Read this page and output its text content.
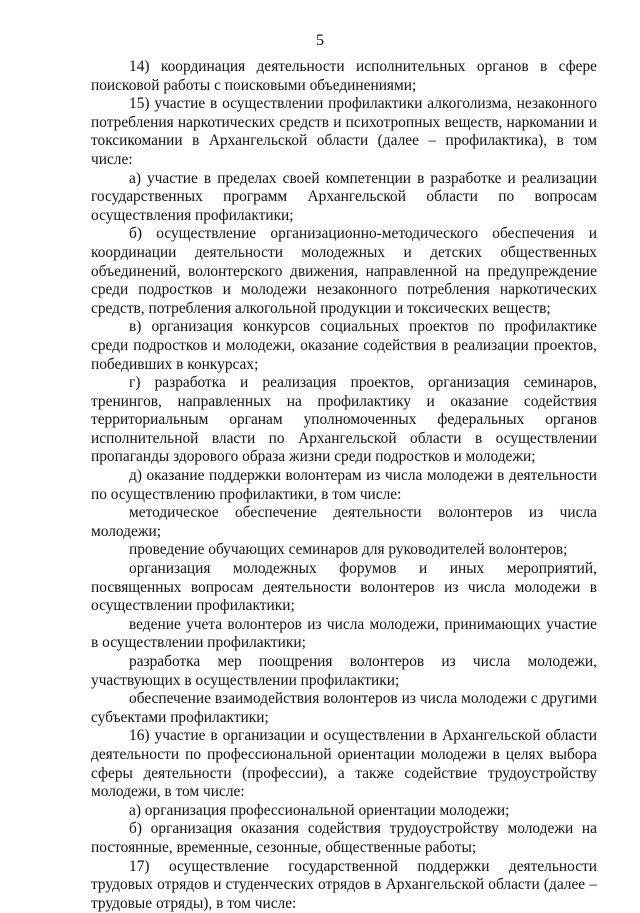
5

14) координация деятельности исполнительных органов в сфере поисковой работы с поисковыми объединениями;

15) участие в осуществлении профилактики алкоголизма, незаконного потребления наркотических средств и психотропных веществ, наркомании и токсикомании в Архангельской области (далее – профилактика), в том числе:

а) участие в пределах своей компетенции в разработке и реализации государственных программ Архангельской области по вопросам осуществления профилактики;

б) осуществление организационно-методического обеспечения и координации деятельности молодежных и детских общественных объединений, волонтерского движения, направленной на предупреждение среди подростков и молодежи незаконного потребления наркотических средств, потребления алкогольной продукции и токсических веществ;

в) организация конкурсов социальных проектов по профилактике среди подростков и молодежи, оказание содействия в реализации проектов, победивших в конкурсах;

г) разработка и реализация проектов, организация семинаров, тренингов, направленных на профилактику и оказание содействия территориальным органам уполномоченных федеральных органов исполнительной власти по Архангельской области в осуществлении пропаганды здорового образа жизни среди подростков и молодежи;

д) оказание поддержки волонтерам из числа молодежи в деятельности по осуществлению профилактики, в том числе:

методическое обеспечение деятельности волонтеров из числа молодежи;

проведение обучающих семинаров для руководителей волонтеров;

организация молодежных форумов и иных мероприятий, посвященных вопросам деятельности волонтеров из числа молодежи в осуществлении профилактики;

ведение учета волонтеров из числа молодежи, принимающих участие в осуществлении профилактики;

разработка мер поощрения волонтеров из числа молодежи, участвующих в осуществлении профилактики;

обеспечение взаимодействия волонтеров из числа молодежи с другими субъектами профилактики;

16) участие в организации и осуществлении в Архангельской области деятельности по профессиональной ориентации молодежи в целях выбора сферы деятельности (профессии), а также содействие трудоустройству молодежи, в том числе:

а) организация профессиональной ориентации молодежи;

б) организация оказания содействия трудоустройству молодежи на постоянные, временные, сезонные, общественные работы;

17) осуществление государственной поддержки деятельности трудовых отрядов и студенческих отрядов в Архангельской области (далее – трудовые отряды), в том числе:
